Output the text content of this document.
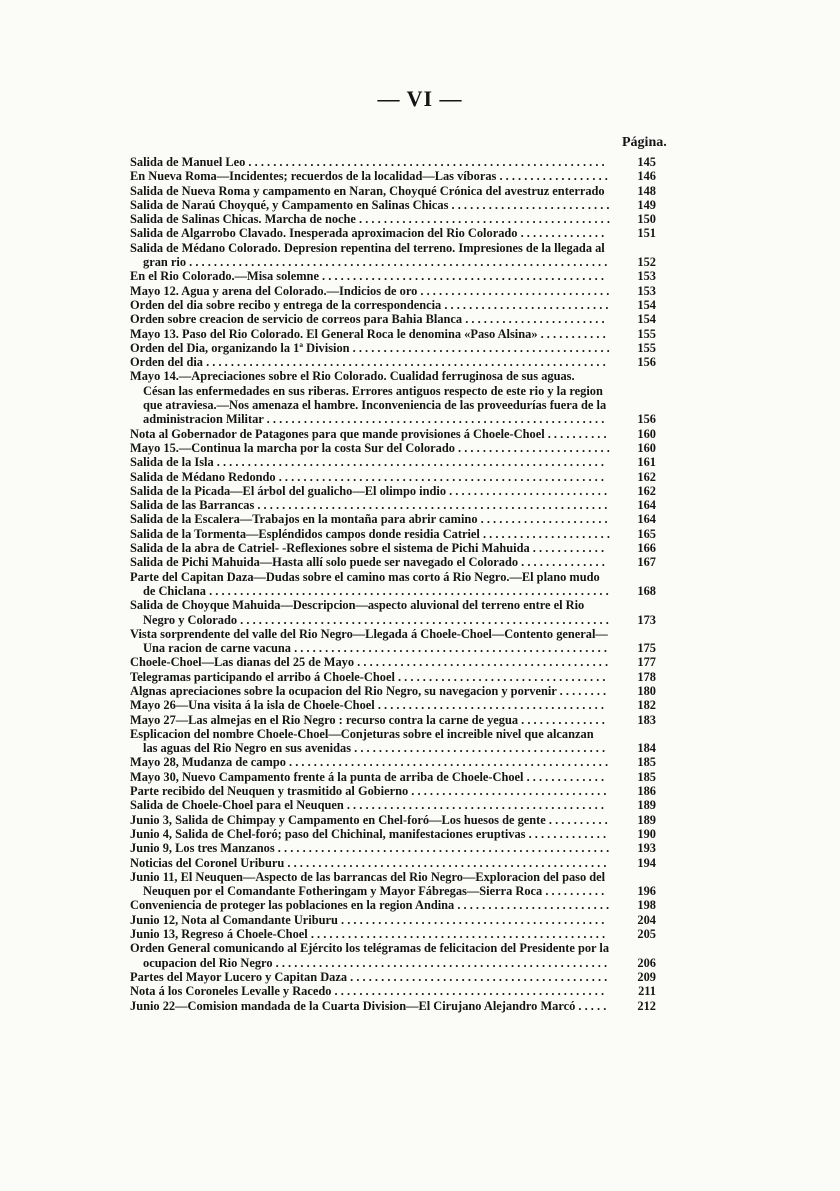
— VI —
Página.
Salida de Manuel Leo . . .	145
En Nueva Roma—Incidentes; recuerdos de la localidad—Las víboras . . .	146
Salida de Nueva Roma y campamento en Naran, Choyqué Crónica del avestruz enterrado	148
Salida de Naraú Choyqué, y Campamento en Salinas Chicas . . .	149
Salida de Salinas Chicas. Marcha de noche . . .	150
Salida de Algarrobo Clavado. Inesperada aproximacion del Rio Colorado . . .	151
Salida de Médano Colorado. Depresion repentina del terreno. Impresiones de la llegada al gran rio . . .	152
En el Rio Colorado.—Misa solemne . . .	153
Mayo 12. Agua y arena del Colorado.—Indicios de oro . . .	153
Orden del dia sobre recibo y entrega de la correspondencia . . .	154
Orden sobre creacion de servicio de correos para Bahia Blanca . . .	154
Mayo 13. Paso del Rio Colorado. El General Roca le denomina «Paso Alsina» . . .	155
Orden del Dia, organizando la 1ª Division . . .	155
Orden del dia . . .	156
Mayo 14.—Apreciaciones sobre el Rio Colorado. Cualidad ferruginosa de sus aguas. Césan las enfermedades en sus riberas. Errores antiguos respecto de este rio y la region que atraviesa.—Nos amenaza el hambre. Inconveniencia de las proveedurías fuera de la administracion Militar . . .	156
Nota al Gobernador de Patagones para que mande provisiones á Choele-Choel . . .	160
Mayo 15.—Continua la marcha por la costa Sur del Colorado . . .	160
Salida de la Isla . . .	161
Salida de Médano Redondo . . .	162
Salida de la Picada—El árbol del gualicho—El olimpo indio . . .	162
Salida de las Barrancas . . .	164
Salida de la Escalera—Trabajos en la montaña para abrir camino . . .	164
Salida de la Tormenta—Espléndidos campos donde residia Catriel . . .	165
Salida de la abra de Catriel- -Reflexiones sobre el sistema de Pichi Mahuida . . .	166
Salida de Pichi Mahuida—Hasta allí solo puede ser navegado el Colorado . . .	167
Parte del Capitan Daza—Dudas sobre el camino mas corto á Rio Negro.—El plano mudo de Chiclana . . .	168
Salida de Choyque Mahuida—Descripcion—aspecto aluvional del terreno entre el Rio Negro y Colorado . . .	173
Vista sorprendente del valle del Rio Negro—Llegada á Choele-Choel—Contento general—Una racion de carne vacuna . . .	175
Choele-Choel—Las dianas del 25 de Mayo . . .	177
Telegramas participando el arribo á Choele-Choel . . .	178
Algnas apreciaciones sobre la ocupacion del Rio Negro, su navegacion y porvenir . . .	180
Mayo 26—Una visita á la isla de Choele-Choel . . .	182
Mayo 27—Las almejas en el Rio Negro : recurso contra la carne de yegua . . .	183
Esplicacion del nombre Choele-Choel—Conjeturas sobre el increible nivel que alcanzan las aguas del Rio Negro en sus avenidas . . .	184
Mayo 28, Mudanza de campo . . .	185
Mayo 30, Nuevo Campamento frente á la punta de arriba de Choele-Choel . . .	185
Parte recibido del Neuquen y trasmitido al Gobierno . . .	186
Salida de Choele-Choel para el Neuquen . . .	189
Junio 3, Salida de Chimpay y Campamento en Chel-foró—Los huesos de gente . . .	189
Junio 4, Salida de Chel-foró; paso del Chichinal, manifestaciones eruptivas . . .	190
Junio 9, Los tres Manzanos . . .	193
Noticias del Coronel Uriburu . . .	194
Junio 11, El Neuquen—Aspecto de las barrancas del Rio Negro—Exploracion del paso del Neuquen por el Comandante Fotheringam y Mayor Fábregas—Sierra Roca . . .	196
Conveniencia de proteger las poblaciones en la region Andina . . .	198
Junio 12, Nota al Comandante Uriburu . . .	204
Junio 13, Regreso á Choele-Choel . . .	205
Orden General comunicando al Ejército los telégramas de felicitacion del Presidente por la ocupacion del Rio Negro . . .	206
Partes del Mayor Lucero y Capitan Daza . . .	209
Nota á los Coroneles Levalle y Racedo . . .	211
Junio 22—Comision mandada de la Cuarta Division—El Cirujano Alejandro Marcó . . .	212
